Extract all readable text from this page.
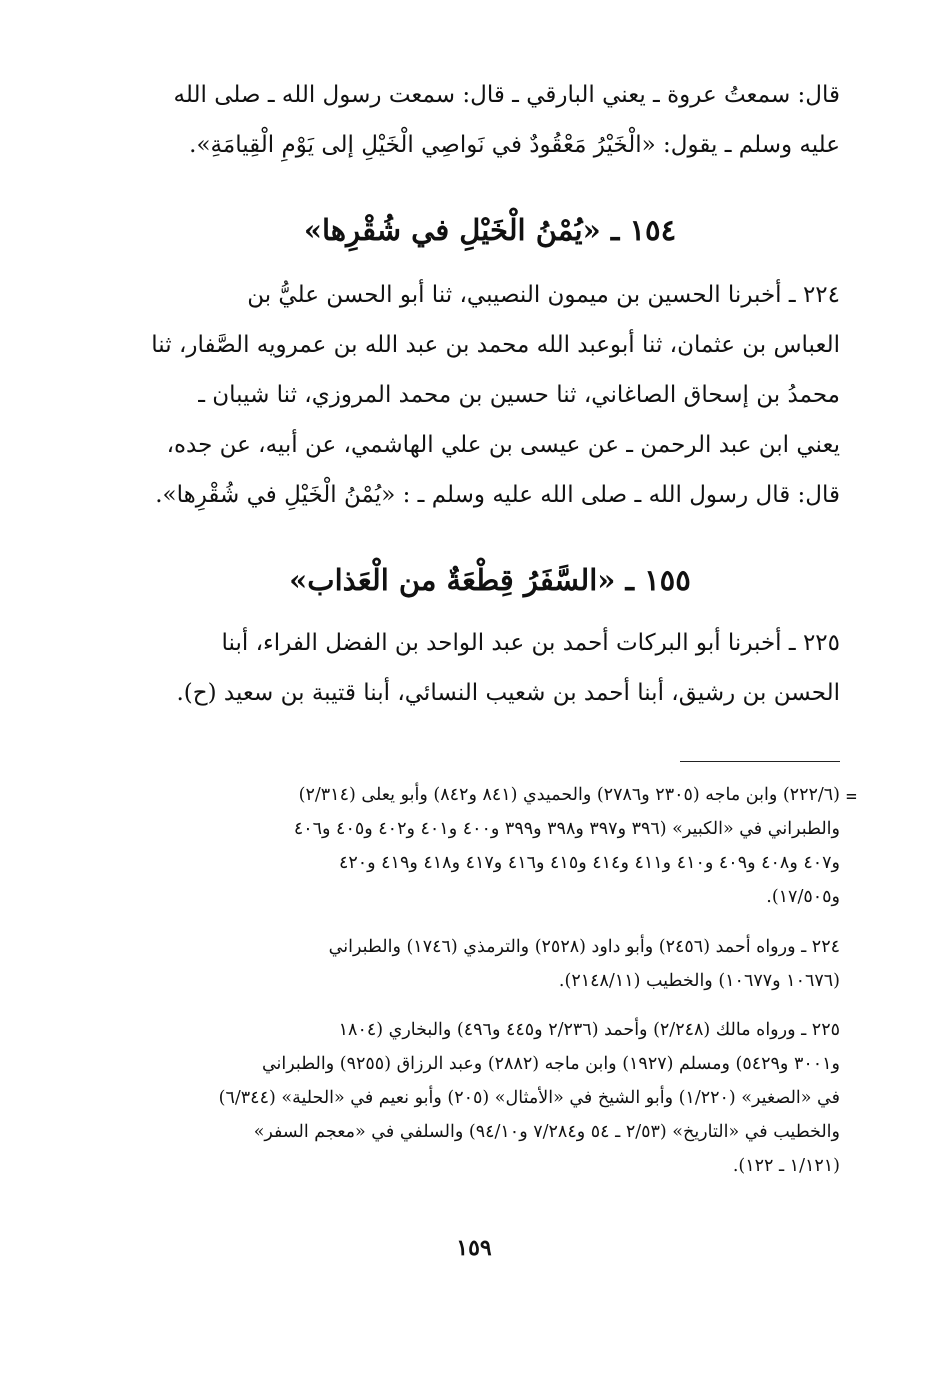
قال: سمعتُ عروة ـ يعني البارقي ـ قال: سمعت رسول الله ـ صلى الله
عليه وسلم ـ يقول: «الْخَيْرُ مَعْقُودٌ في نَواصِي الْخَيْلِ إلى يَوْمِ الْقِيامَةِ».
١٥٤ ـ «يُمْنُ الْخَيْلِ في شُقْرِها»
٢٢٤ ـ أخبرنا الحسين بن ميمون النصيبي، ثنا أبو الحسن عليُّ بن
العباس بن عثمان، ثنا أبوعبد الله محمد بن عبد الله بن عمرويه الصَّفار، ثنا
محمدُ بن إسحاق الصاغاني، ثنا حسين بن محمد المروزي، ثنا شيبان ـ
يعني ابن عبد الرحمن ـ عن عيسى بن علي الهاشمي، عن أبيه، عن جده،
قال: قال رسول الله ـ صلى الله عليه وسلم ـ : «يُمْنُ الْخَيْلِ في شُقْرِها».
١٥٥ ـ «السَّفَرُ قِطْعَةٌ من الْعَذاب»
٢٢٥ ـ أخبرنا أبو البركات أحمد بن عبد الواحد بن الفضل الفراء، أبنا
الحسن بن رشيق، أبنا أحمد بن شعيب النسائي، أبنا قتيبة بن سعيد (ح).
=
(٢٢٢/٦) وابن ماجه (٢٣٠٥ و٢٧٨٦) والحميدي (٨٤١ و٨٤٢) وأبو يعلى (٢/٣١٤)
والطبراني في «الكبير» (٣٩٦ و٣٩٧ و٣٩٨ و٣٩٩ و٤٠٠ و٤٠١ و٤٠٢ و٤٠٥ و٤٠٦
و٤٠٧ و٤٠٨ و٤٠٩ و٤١٠ و٤١١ و٤١٤ و٤١٥ و٤١٦ و٤١٧ و٤١٨ و٤١٩ و٤٢٠
و١٧/٥٠٥).
٢٢٤ ـ ورواه أحمد (٢٤٥٦) وأبو داود (٢٥٢٨) والترمذي (١٧٤٦) والطبراني
(١٠٦٧٦ و١٠٦٧٧) والخطيب (٢١٤٨/١١).
٢٢٥ ـ ورواه مالك (٢/٢٤٨) وأحمد (٢/٢٣٦ و٤٤٥ و٤٩٦) والبخاري (١٨٠٤
و٣٠٠١ و٥٤٢٩) ومسلم (١٩٢٧) وابن ماجه (٢٨٨٢) وعبد الرزاق (٩٢٥٥) والطبراني
في «الصغير» (١/٢٢٠) وأبو الشيخ في «الأمثال» (٢٠٥) وأبو نعيم في «الحلية» (٦/٣٤٤)
والخطيب في «التاريخ» (٢/٥٣ ـ ٥٤ و٧/٢٨٤ و٩٤/١٠) والسلفي في «معجم السفر»
(١/١٢١ ـ ١٢٢).
١٥٩
